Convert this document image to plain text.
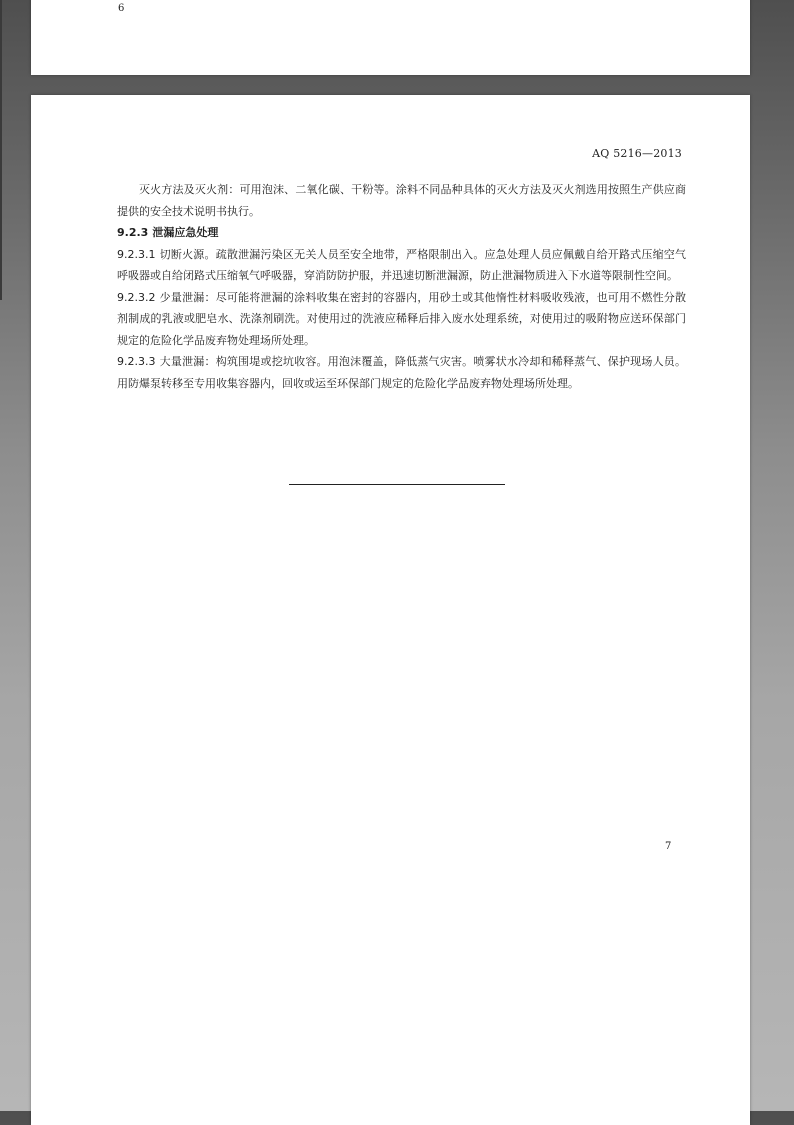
6
AQ 5216—2013

灭火方法及灭火剂：可用泡沫、二氧化碳、干粉等。涂料不同品种具体的灭火方法及灭火剂选用按照生产供应商提供的安全技术说明书执行。

9.2.3 泄漏应急处理

9.2.3.1 切断火源。疏散泄漏污染区无关人员至安全地带，严格限制出入。应急处理人员应佩戴自给开路式压缩空气呼吸器或自给闭路式压缩氧气呼吸器，穿消防防护服，并迅速切断泄漏源，防止泄漏物质进入下水道等限制性空间。

9.2.3.2 少量泄漏：尽可能将泄漏的涂料收集在密封的容器内，用砂土或其他惰性材料吸收残液，也可用不燃性分散剂制成的乳液或肥皂水、洗涤剂刷洗。对使用过的洗液应稀释后排入废水处理系统，对使用过的吸附物应送环保部门规定的危险化学品废弃物处理场所处理。

9.2.3.3 大量泄漏：构筑围堤或挖坑收容。用泡沫覆盖，降低蒸气灾害。喷雾状水冷却和稀释蒸气、保护现场人员。用防爆泵转移至专用收集容器内，回收或运至环保部门规定的危险化学品废弃物处理场所处理。

7
